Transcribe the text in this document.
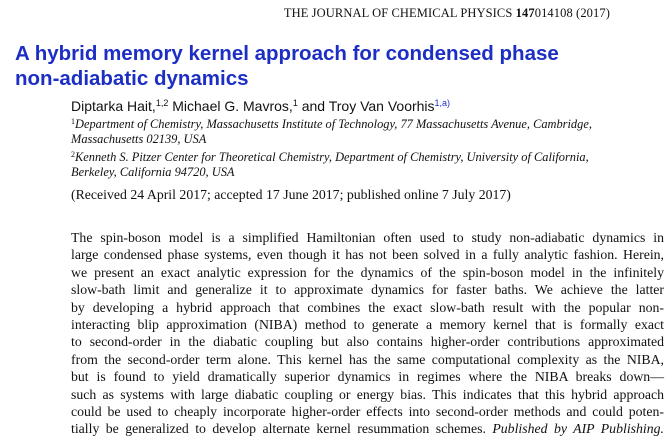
THE JOURNAL OF CHEMICAL PHYSICS 147014108 (2017)
A hybrid memory kernel approach for condensed phase
non-adiabatic dynamics
Diptarka Hait,$^{1,2}$ Michael G. Mavros,$^1$ and Troy Van Voorhis$^{1,a)}$

$^1$Department of Chemistry, Massachusetts Institute of Technology, 77 Massachusetts Avenue, Cambridge,
Massachusetts 02139, USA

$^2$Kenneth S. Pitzer Center for Theoretical Chemistry, Department of Chemistry, University of California,
Berkeley, California 94720, USA

(Received 24 April 2017; accepted 17 June 2017; published online 7 July 2017)
The spin-boson model is a simplified Hamiltonian often used to study non-adiabatic dynamics in
large condensed phase systems, even though it has not been solved in a fully analytic fashion. Herein,
we present an exact analytic expression for the dynamics of the spin-boson model in the infinitely
slow-bath limit and generalize it to approximate dynamics for faster baths. We achieve the latter
by developing a hybrid approach that combines the exact slow-bath result with the popular non-
interacting blip approximation (NIBA) method to generate a memory kernel that is formally exact
to second-order in the diabatic coupling but also contains higher-order contributions approximated
from the second-order term alone. This kernel has the same computational complexity as the NIBA,
but is found to yield dramatically superior dynamics in regimes where the NIBA breaks down—
such as systems with large diabatic coupling or energy bias. This indicates that this hybrid approach
could be used to cheaply incorporate higher-order effects into second-order methods and could poten-
tially be generalized to develop alternate kernel resummation schemes. Published by AIP Publishing.
